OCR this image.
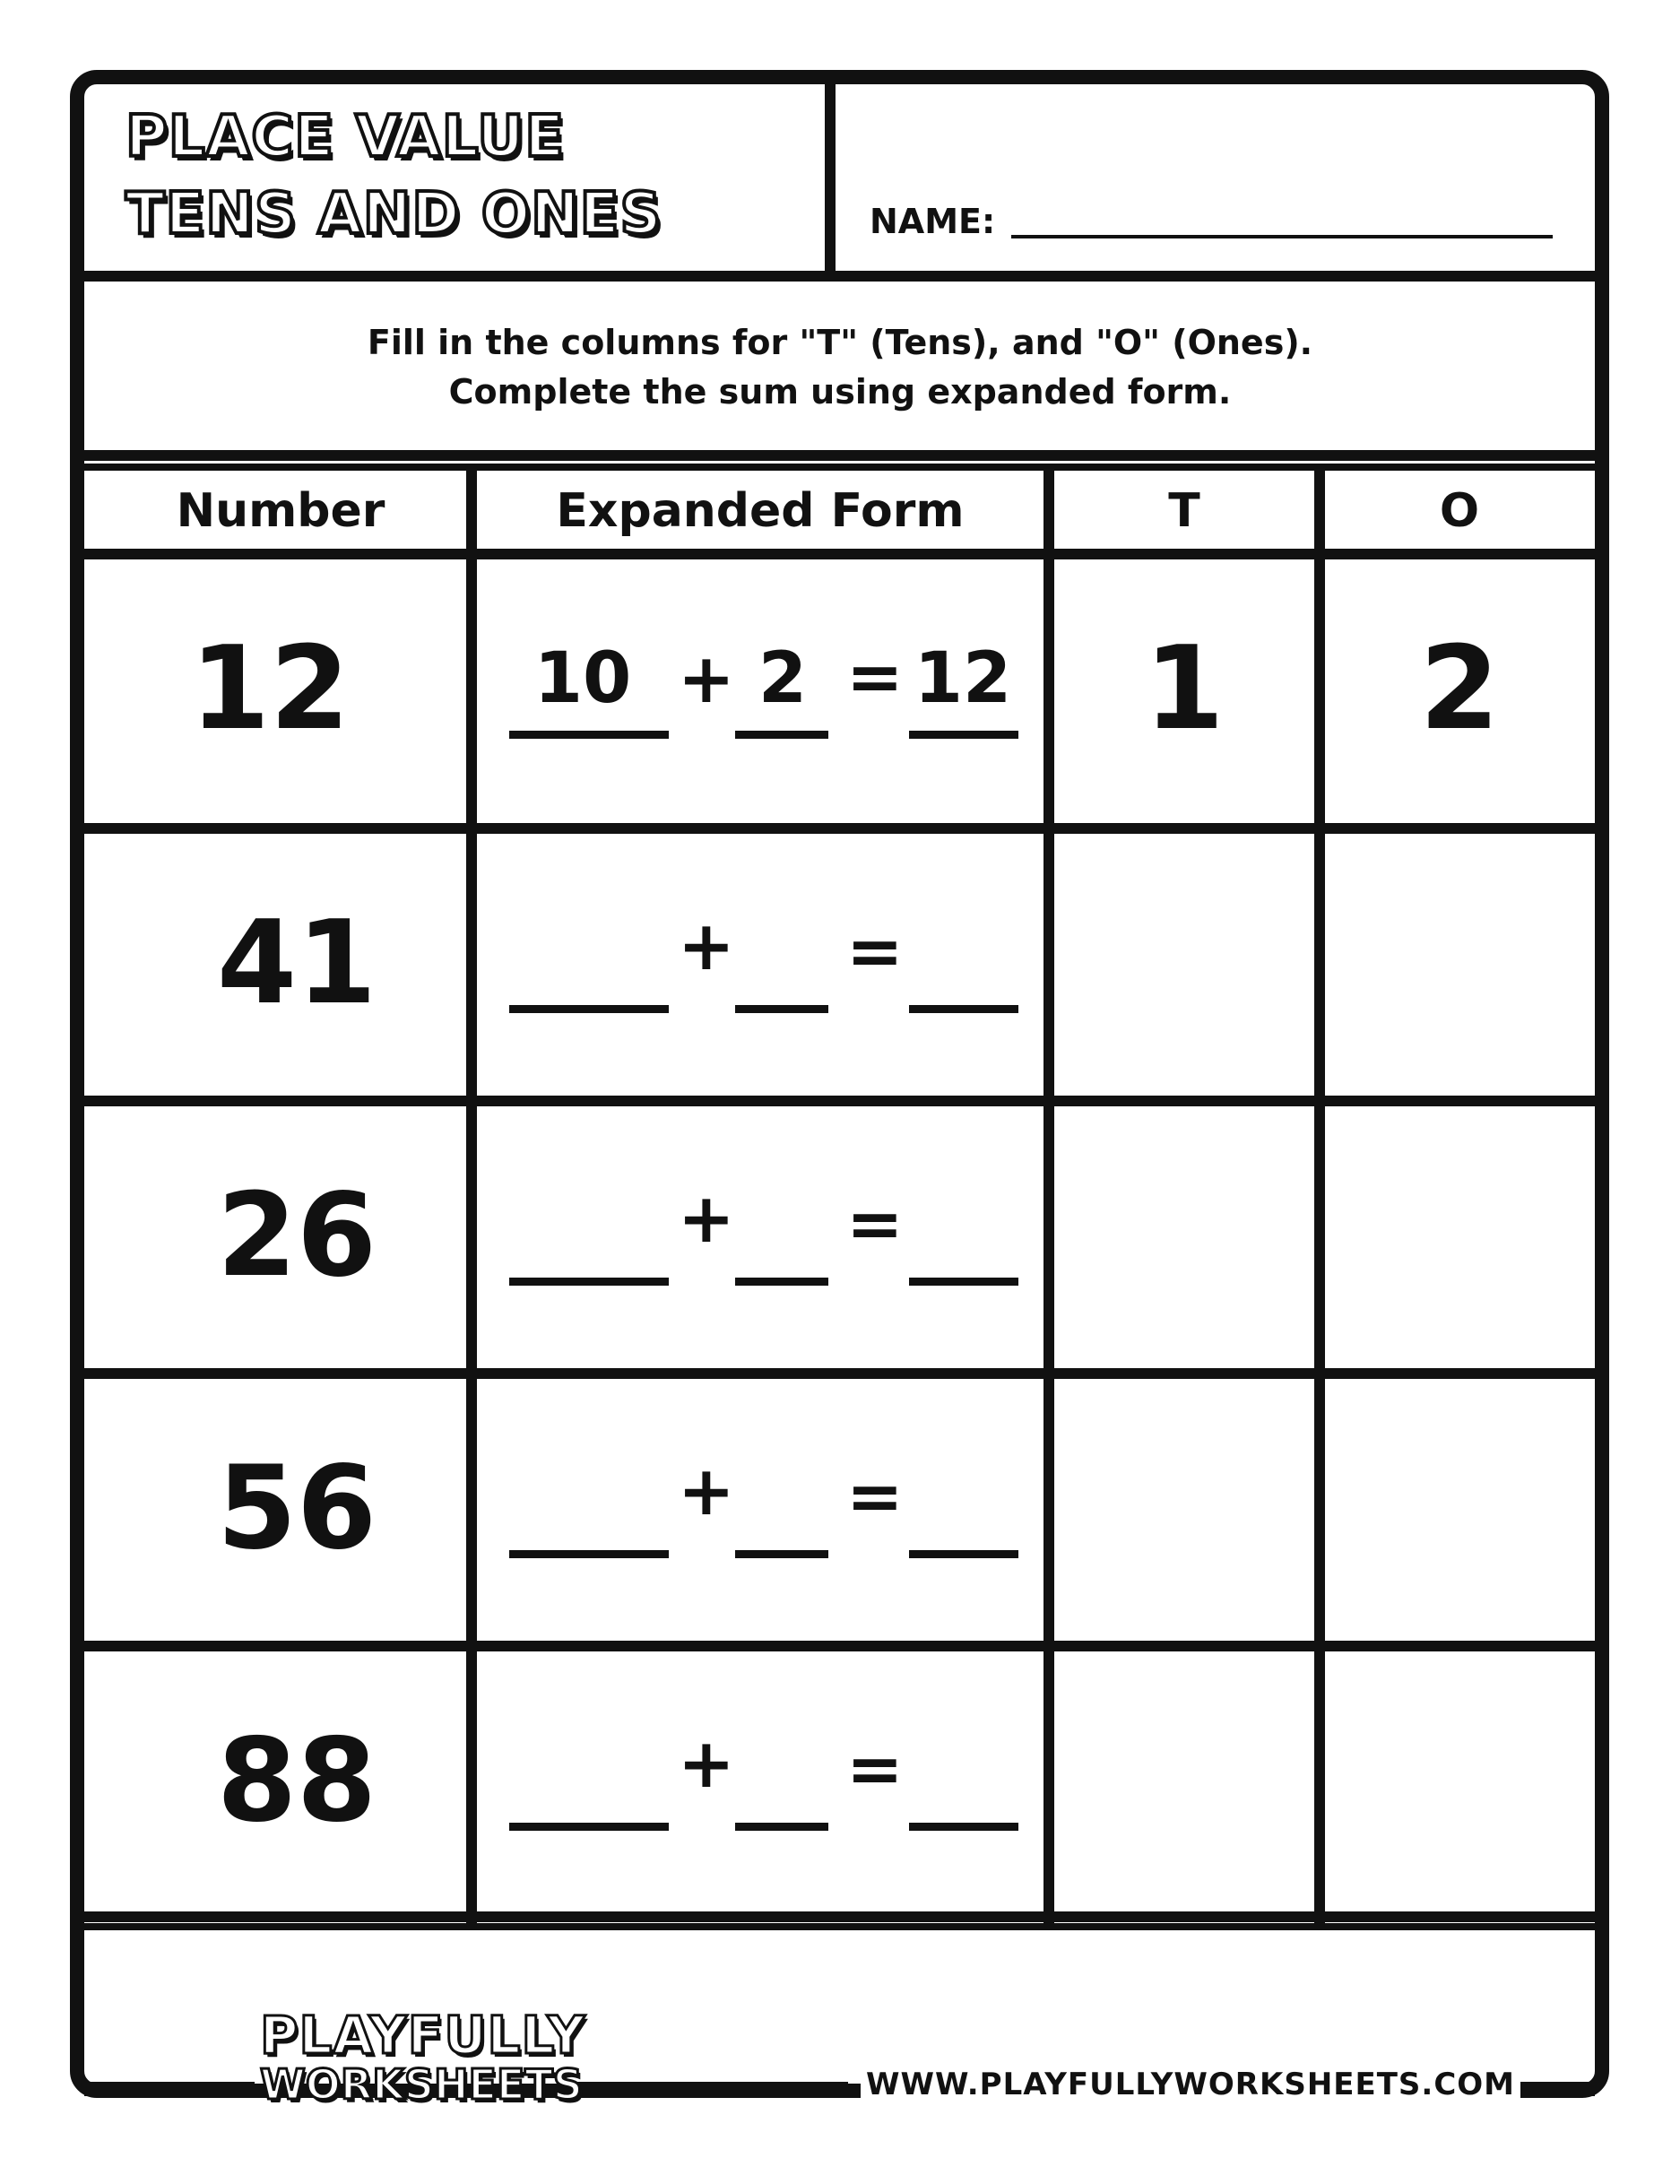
PLACE VALUE
TENS AND ONES	NAME:
Fill in the columns for "T" (Tens), and "O" (Ones).
Complete the sum using expanded form.
Number	Expanded Form	T	O
12	10 + 2 = 12	1	2
41	+ =
26	+ =
56	+ =
88	+ =
PLAYFULLY
WORKSHEETS	WWW.PLAYFULLYWORKSHEETS.COM
